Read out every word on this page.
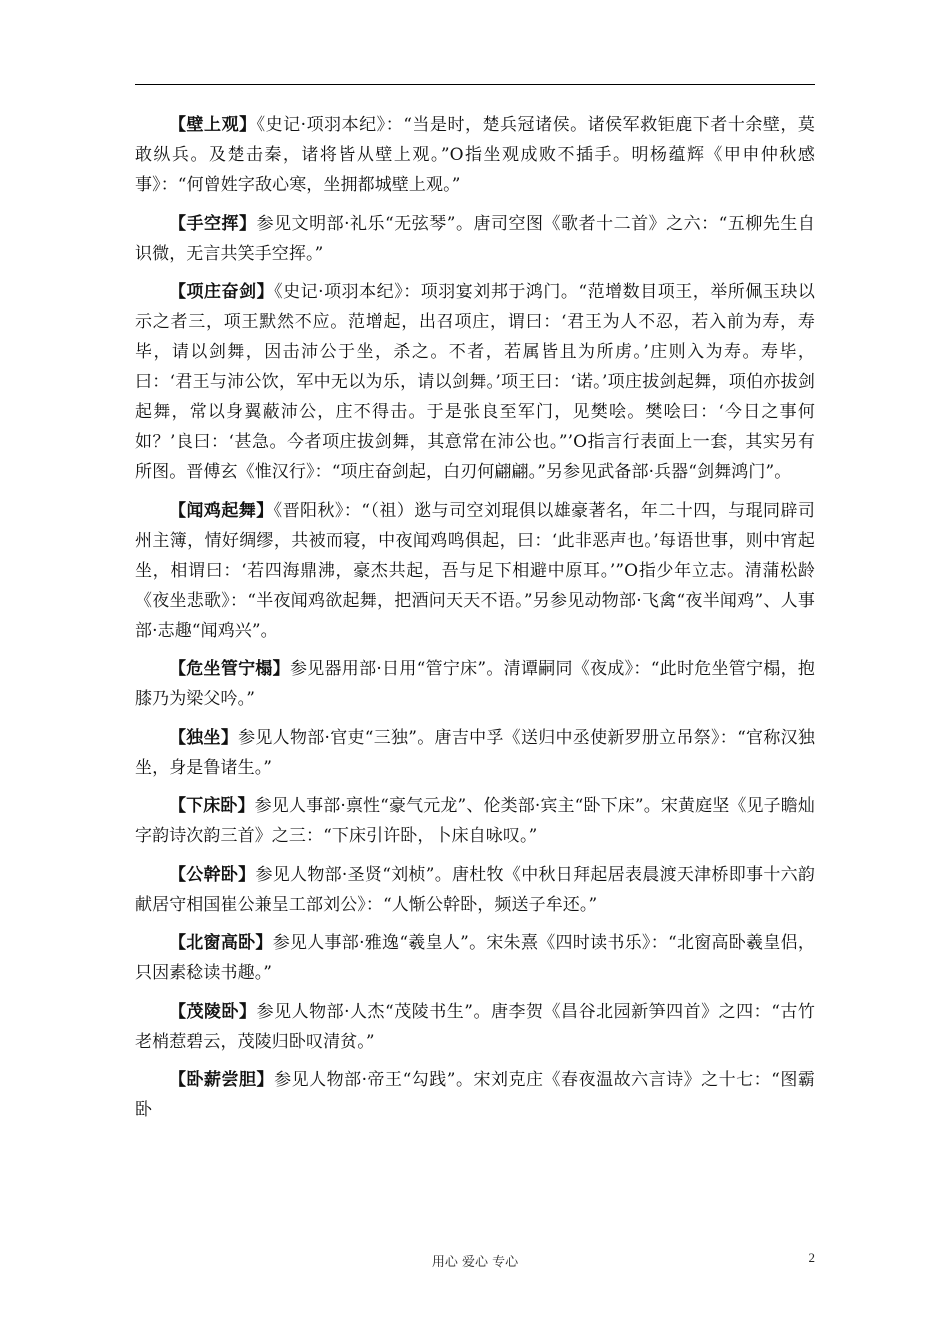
【壁上观】《史记·项羽本纪》：“当是时，楚兵冠诸侯。诸侯军救钜鹿下者十余壁，莫敢纵兵。及楚击秦，诸将皆从壁上观。”О指坐观成败不插手。明杨蕴辉《甲申仲秋感事》：“何曾姓字敌心寒，坐拥都城壁上观。”

【手空挥】参见文明部·礼乐“无弦琴”。唐司空图《歌者十二首》之六：“五柳先生自识微，无言共笑手空挥。”

【项庄奋剑】《史记·项羽本纪》：项羽宴刘邦于鸿门。“范增数目项王，举所佩玉玦以示之者三，项王默然不应。范增起，出召项庄，谓曰：‘君王为人不忍，若入前为寿，寿毕，请以剑舞，因击沛公于坐，杀之。不者，若属皆且为所虏。’庄则入为寿。寿毕，曰：‘君王与沛公饮，军中无以为乐，请以剑舞。’项王曰：‘诺。’项庄拔剑起舞，项伯亦拔剑起舞，常以身翼蔽沛公，庄不得击。于是张良至军门，见樊哙。樊哙曰：‘今日之事何如？’良曰：‘甚急。今者项庄拔剑舞，其意常在沛公也。”’О指言行表面上一套，其实另有所图。晋傅玄《惟汉行》：“项庄奋剑起，白刃何翩翩。”另参见武备部·兵器“剑舞鸿门”。

【闻鸡起舞】《晋阳秋》：“（祖）逖与司空刘琨俱以雄豪著名，年二十四，与琨同辟司州主簿，情好绸缪，共被而寝，中夜闻鸡鸣俱起，曰：‘此非恶声也。’每语世事，则中宵起坐，相谓曰：‘若四海鼎沸，豪杰共起，吾与足下相避中原耳。’”О指少年立志。清蒲松龄《夜坐悲歌》：“半夜闻鸡欲起舞，把酒问天天不语。”另参见动物部·飞禽“夜半闻鸡”、人事部·志趣“闻鸡兴”。

【危坐管宁榻】参见器用部·日用“管宁床”。清谭嗣同《夜成》：“此时危坐管宁榻，抱膝乃为梁父吟。”

【独坐】参见人物部·官吏“三独”。唐吉中孚《送归中丞使新罗册立吊祭》：“官称汉独坐，身是鲁诸生。”

【下床卧】参见人事部·禀性“豪气元龙”、伦类部·宾主“卧下床”。宋黄庭坚《见子瞻灿字韵诗次韵三首》之三：“下床引许卧，卜床自咏叹。”

【公幹卧】参见人物部·圣贤“刘桢”。唐杜牧《中秋日拜起居表晨渡天津桥即事十六韵献居守相国崔公兼呈工部刘公》：“人惭公幹卧，频送子牟还。”

【北窗高卧】参见人事部·雅逸“羲皇人”。宋朱熹《四时读书乐》：“北窗高卧羲皇侣，只因素稔读书趣。”

【茂陵卧】参见人物部·人杰“茂陵书生”。唐李贺《昌谷北园新笋四首》之四：“古竹老梢惹碧云，茂陵归卧叹清贫。”

【卧薪尝胆】参见人物部·帝王“勾践”。宋刘克庄《春夜温故六言诗》之十七：“图霸卧

用心 爱心 专心	2
